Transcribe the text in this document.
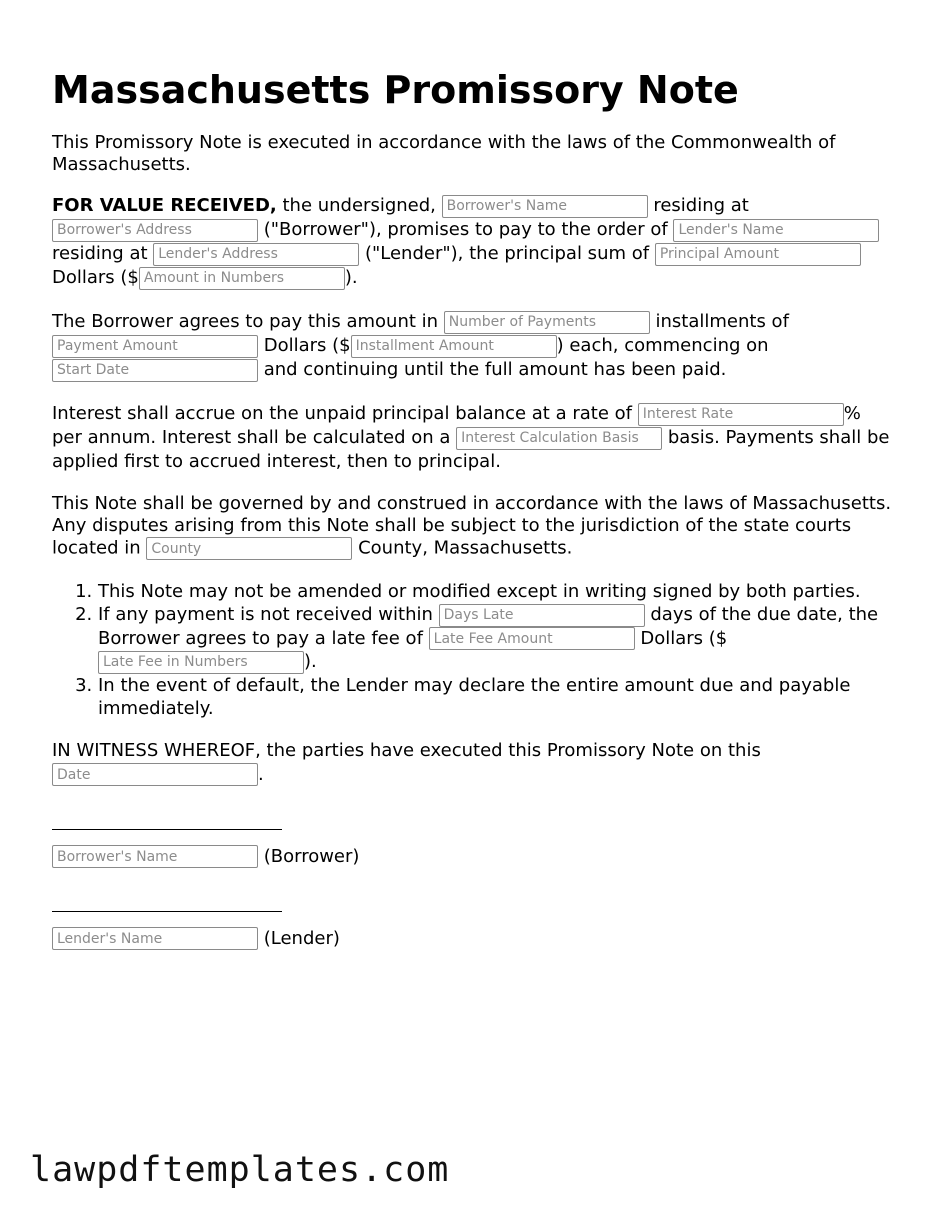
Massachusetts Promissory Note

This Promissory Note is executed in accordance with the laws of the Commonwealth of Massachusetts.

FOR VALUE RECEIVED, the undersigned, Borrower's Name	residing at Borrower's Address ("Borrower"), promises to pay to the order of Lender's Name residing at Lender's Address	("Lender"), the principal sum of Principal Amount Dollars ($Amount in Numbers	).

The Borrower agrees to pay this amount in Number of Payments	installments of Payment Amount Dollars ($Installment Amount	) each, commencing on Start Date and continuing until the full amount has been paid.

Interest shall accrue on the unpaid principal balance at a rate of Interest Rate	% per annum. Interest shall be calculated on a Interest Calculation Basis	basis. Payments shall be applied first to accrued interest, then to principal.

This Note shall be governed by and construed in accordance with the laws of Massachusetts. Any disputes arising from this Note shall be subject to the jurisdiction of the state courts located in County	County, Massachusetts.

1. This Note may not be amended or modified except in writing signed by both parties.
2. If any payment is not received within Days Late	days of the due date, the Borrower agrees to pay a late fee of Late Fee Amount	Dollars ($Late Fee in Numbers).
3. In the event of default, the Lender may declare the entire amount due and payable immediately.

IN WITNESS WHEREOF, the parties have executed this Promissory Note on this Date.

Borrower's Name (Borrower)
Lender's Name (Lender)
lawpdftemplates.com
